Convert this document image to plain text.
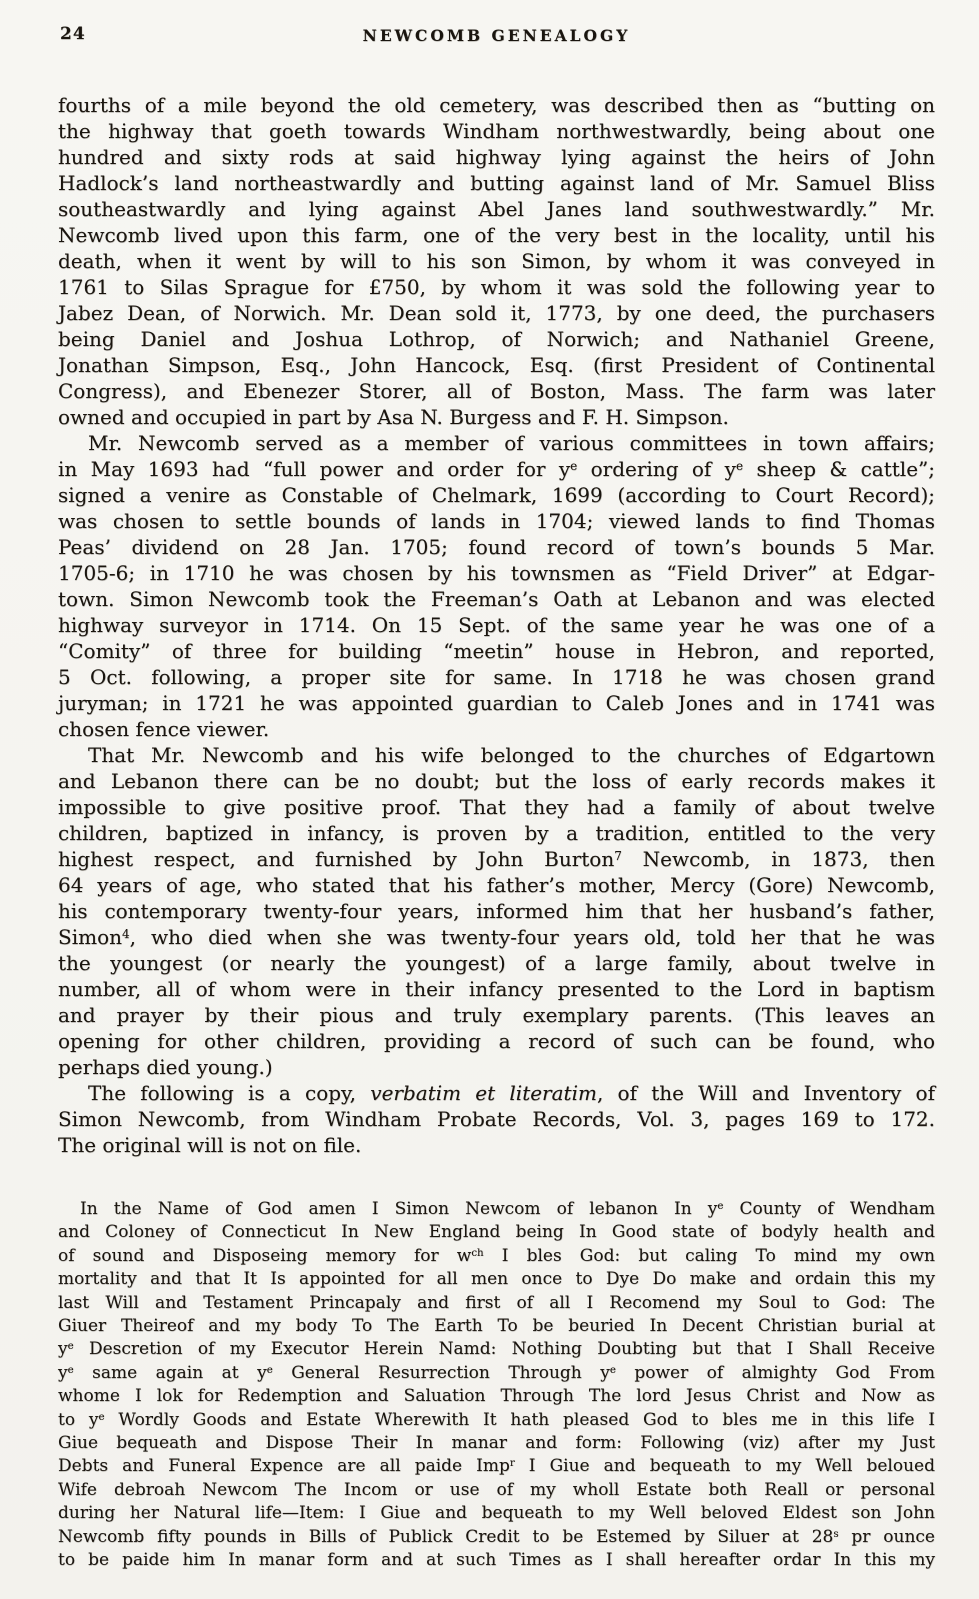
24	NEWCOMB GENEALOGY
fourths of a mile beyond the old cemetery, was described then as “butting on
the highway that goeth towards Windham northwestwardly, being about one
hundred and sixty rods at said highway lying against the heirs of John
Hadlock’s land northeastwardly and butting against land of Mr. Samuel Bliss
southeastwardly and lying against Abel Janes land southwestwardly.” Mr.
Newcomb lived upon this farm, one of the very best in the locality, until his
death, when it went by will to his son Simon, by whom it was conveyed in
1761 to Silas Sprague for £750, by whom it was sold the following year to
Jabez Dean, of Norwich. Mr. Dean sold it, 1773, by one deed, the purchasers
being Daniel and Joshua Lothrop, of Norwich; and Nathaniel Greene,
Jonathan Simpson, Esq., John Hancock, Esq. (first President of Continental
Congress), and Ebenezer Storer, all of Boston, Mass. The farm was later
owned and occupied in part by Asa N. Burgess and F. H. Simpson.
Mr. Newcomb served as a member of various committees in town affairs;
in May 1693 had “full power and order for $y^e$ ordering of $y^e$ sheep & cattle”;
signed a venire as Constable of Chelmark, 1699 (according to Court Record);
was chosen to settle bounds of lands in 1704; viewed lands to find Thomas
Peas’ dividend on 28 Jan. 1705; found record of town’s bounds 5 Mar.
1705-6; in 1710 he was chosen by his townsmen as “Field Driver” at Edgar-
town. Simon Newcomb took the Freeman’s Oath at Lebanon and was elected
highway surveyor in 1714. On 15 Sept. of the same year he was one of a
“Comity” of three for building “meetin” house in Hebron, and reported,
5 Oct. following, a proper site for same. In 1718 he was chosen grand
juryman; in 1721 he was appointed guardian to Caleb Jones and in 1741 was
chosen fence viewer.
That Mr. Newcomb and his wife belonged to the churches of Edgartown
and Lebanon there can be no doubt; but the loss of early records makes it
impossible to give positive proof. That they had a family of about twelve
children, baptized in infancy, is proven by a tradition, entitled to the very
highest respect, and furnished by John Burton$^7$ Newcomb, in 1873, then
64 years of age, who stated that his father’s mother, Mercy (Gore) Newcomb,
his contemporary twenty-four years, informed him that her husband’s father,
Simon$^4$, who died when she was twenty-four years old, told her that he was
the youngest (or nearly the youngest) of a large family, about twelve in
number, all of whom were in their infancy presented to the Lord in baptism
and prayer by their pious and truly exemplary parents. (This leaves an
opening for other children, providing a record of such can be found, who
perhaps died young.)
The following is a copy, verbatim et literatim, of the Will and Inventory of
Simon Newcomb, from Windham Probate Records, Vol. 3, pages 169 to 172.
The original will is not on file.
In the Name of God amen I Simon Newcom of lebanon In $y^e$ County of Wendham
and Coloney of Connecticut In New England being In Good state of bodyly health and
of sound and Disposeing memory for $w^{ch}$ I bles God: but caling To mind my own
mortality and that It Is appointed for all men once to Dye Do make and ordain this my
last Will and Testament Princapaly and first of all I Recomend my Soul to God: The
Giuer Theireof and my body To The Earth To be beuried In Decent Christian burial at
$y^e$ Descretion of my Executor Herein Namd: Nothing Doubting but that I Shall Receive
$y^e$ same again at $y^e$ General Resurrection Through $y^e$ power of almighty God From
whome I lok for Redemption and Saluation Through The lord Jesus Christ and Now as
to $y^e$ Wordly Goods and Estate Wherewith It hath pleased God to bles me in this life I
Giue bequeath and Dispose Their In manar and form: Following (viz) after my Just
Debts and Funeral Expence are all paide Imp$^r$ I Giue and bequeath to my Well beloued
Wife debroah Newcom The Incom or use of my wholl Estate both Reall or personal
during her Natural life—Item: I Giue and bequeath to my Well beloved Eldest son John
Newcomb fifty pounds in Bills of Publick Credit to be Estemed by Siluer at 28$^s$ pr ounce
to be paide him In manar form and at such Times as I shall hereafter ordar In this my
